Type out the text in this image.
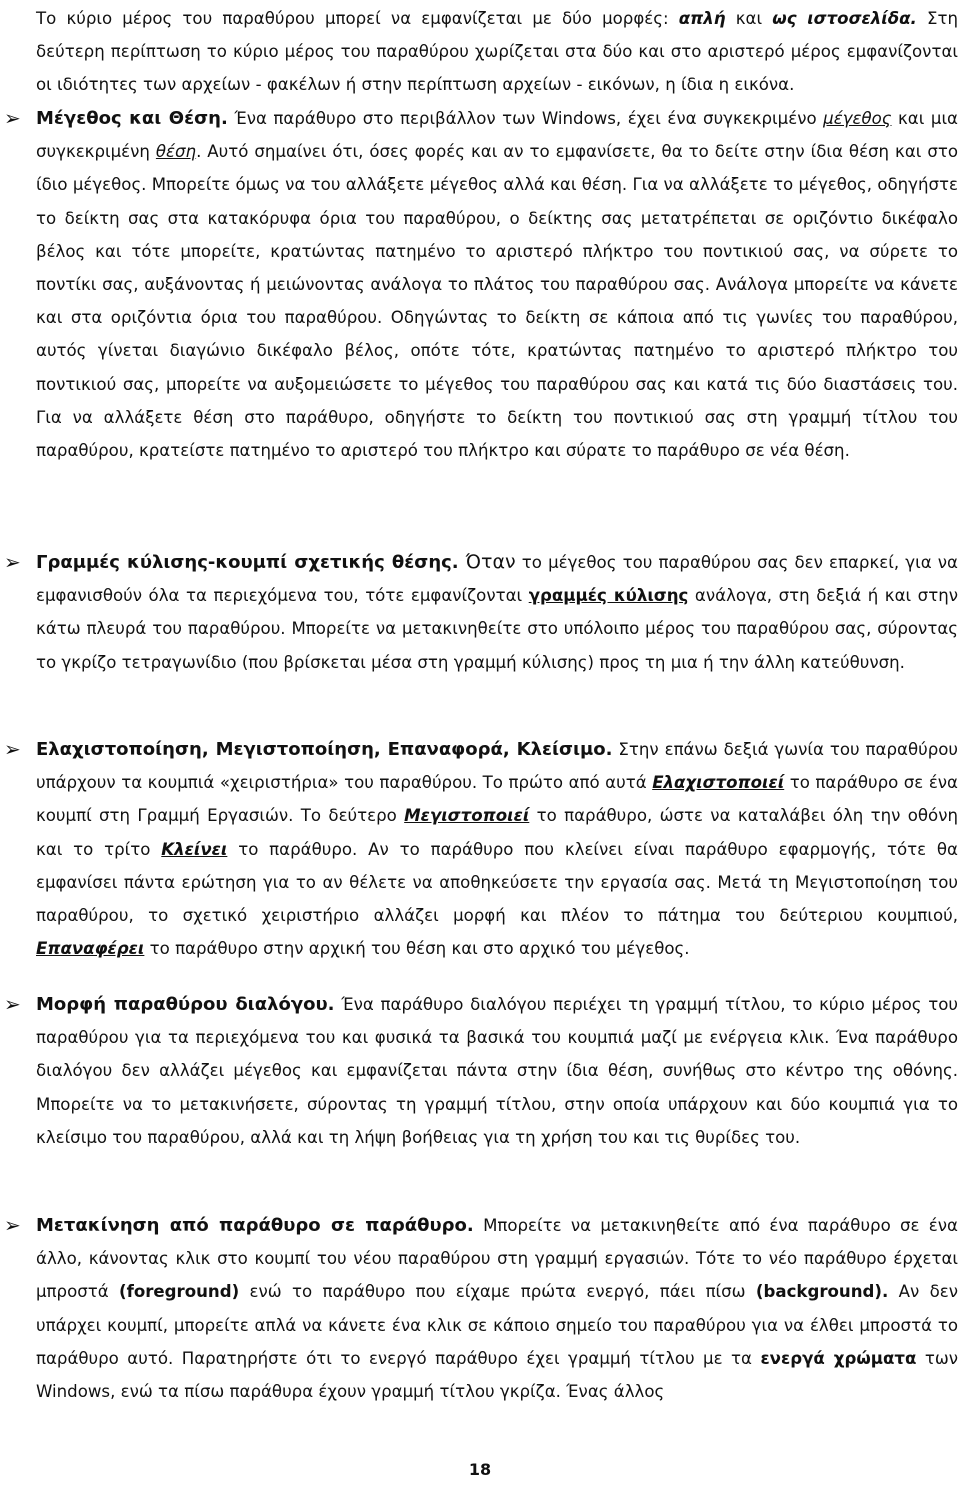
Το κύριο μέρος του παραθύρου μπορεί να εμφανίζεται με δύο μορφές: απλή και ως ιστοσελίδα. Στη δεύτερη περίπτωση το κύριο μέρος του παραθύρου χωρίζεται στα δύο και στο αριστερό μέρος εμφανίζονται οι ιδιότητες των αρχείων - φακέλων ή στην περίπτωση αρχείων - εικόνων, η ίδια η εικόνα.

➢ Μέγεθος και Θέση. Ένα παράθυρο στο περιβάλλον των Windows, έχει ένα συγκεκριμένο μέγεθος και μια συγκεκριμένη θέση. Αυτό σημαίνει ότι, όσες φορές και αν το εμφανίσετε, θα το δείτε στην ίδια θέση και στο ίδιο μέγεθος. Μπορείτε όμως να του αλλάξετε μέγεθος αλλά και θέση. Για να αλλάξετε το μέγεθος, οδηγήστε το δείκτη σας στα κατακόρυφα όρια του παραθύρου, ο δείκτης σας μετατρέπεται σε οριζόντιο δικέφαλο βέλος και τότε μπορείτε, κρατώντας πατημένο το αριστερό πλήκτρο του ποντικιού σας, να σύρετε το ποντίκι σας, αυξάνοντας ή μειώνοντας ανάλογα το πλάτος του παραθύρου σας. Ανάλογα μπορείτε να κάνετε και στα οριζόντια όρια του παραθύρου. Οδηγώντας το δείκτη σε κάποια από τις γωνίες του παραθύρου, αυτός γίνεται διαγώνιο δικέφαλο βέλος, οπότε τότε, κρατώντας πατημένο το αριστερό πλήκτρο του ποντικιού σας, μπορείτε να αυξομειώσετε το μέγεθος του παραθύρου σας και κατά τις δύο διαστάσεις του. Για να αλλάξετε θέση στο παράθυρο, οδηγήστε το δείκτη του ποντικιού σας στη γραμμή τίτλου του παραθύρου, κρατείστε πατημένο το αριστερό του πλήκτρο και σύρατε το παράθυρο σε νέα θέση.

➢ Γραμμές κύλισης-κουμπί σχετικής θέσης. Όταν το μέγεθος του παραθύρου σας δεν επαρκεί, για να εμφανισθούν όλα τα περιεχόμενα του, τότε εμφανίζονται γραμμές κύλισης ανάλογα, στη δεξιά ή και στην κάτω πλευρά του παραθύρου. Μπορείτε να μετακινηθείτε στο υπόλοιπο μέρος του παραθύρου σας, σύροντας το γκρίζο τετραγωνίδιο (που βρίσκεται μέσα στη γραμμή κύλισης) προς τη μια ή την άλλη κατεύθυνση.

➢ Ελαχιστοποίηση, Μεγιστοποίηση, Επαναφορά, Κλείσιμο. Στην επάνω δεξιά γωνία του παραθύρου υπάρχουν τα κουμπιά «χειριστήρια» του παραθύρου. Το πρώτο από αυτά Ελαχιστοποιεί το παράθυρο σε ένα κουμπί στη Γραμμή Εργασιών. Το δεύτερο Μεγιστοποιεί το παράθυρο, ώστε να καταλάβει όλη την οθόνη και το τρίτο Κλείνει το παράθυρο. Αν το παράθυρο που κλείνει είναι παράθυρο εφαρμογής, τότε θα εμφανίσει πάντα ερώτηση για το αν θέλετε να αποθηκεύσετε την εργασία σας. Μετά τη Μεγιστοποίηση του παραθύρου, το σχετικό χειριστήριο αλλάζει μορφή και πλέον το πάτημα του δεύτεριου κουμπιού, Επαναφέρει το παράθυρο στην αρχική του θέση και στο αρχικό του μέγεθος.

➢ Μορφή παραθύρου διαλόγου. Ένα παράθυρο διαλόγου περιέχει τη γραμμή τίτλου, το κύριο μέρος του παραθύρου για τα περιεχόμενα του και φυσικά τα βασικά του κουμπιά μαζί με ενέργεια κλικ. Ένα παράθυρο διαλόγου δεν αλλάζει μέγεθος και εμφανίζεται πάντα στην ίδια θέση, συνήθως στο κέντρο της οθόνης. Μπορείτε να το μετακινήσετε, σύροντας τη γραμμή τίτλου, στην οποία υπάρχουν και δύο κουμπιά για το κλείσιμο του παραθύρου, αλλά και τη λήψη βοήθειας για τη χρήση του και τις θυρίδες του.

➢ Μετακίνηση από παράθυρο σε παράθυρο. Μπορείτε να μετακινηθείτε από ένα παράθυρο σε ένα άλλο, κάνοντας κλικ στο κουμπί του νέου παραθύρου στη γραμμή εργασιών. Τότε το νέο παράθυρο έρχεται μπροστά (foreground) ενώ το παράθυρο που είχαμε πρώτα ενεργό, πάει πίσω (background). Αν δεν υπάρχει κουμπί, μπορείτε απλά να κάνετε ένα κλικ σε κάποιο σημείο του παραθύρου για να έλθει μπροστά το παράθυρο αυτό. Παρατηρήστε ότι το ενεργό παράθυρο έχει γραμμή τίτλου με τα ενεργά χρώματα των Windows, ενώ τα πίσω παράθυρα έχουν γραμμή τίτλου γκρίζα. Ένας άλλος

18
